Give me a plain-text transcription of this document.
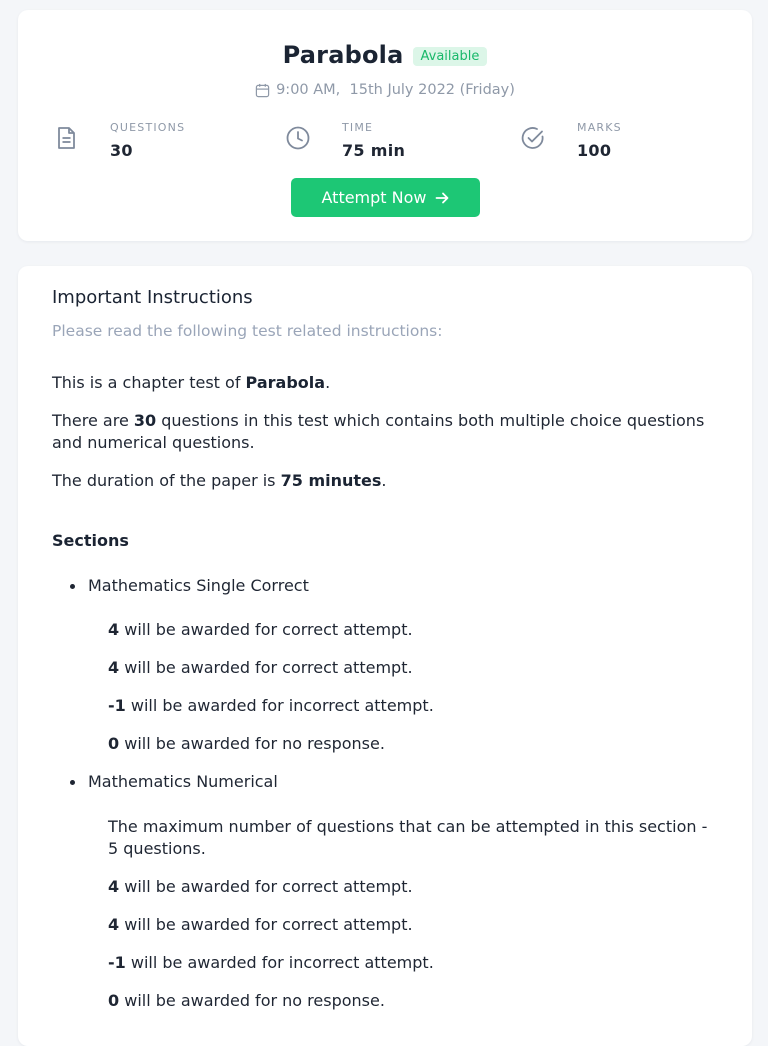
Parabola	Available
9:00 AM,  15th July 2022 (Friday)
QUESTIONS
30
TIME
75 min
MARKS
100
Attempt Now
Important Instructions
Please read the following test related instructions:
This is a chapter test of Parabola.
There are 30 questions in this test which contains both multiple choice questions and numerical questions.
The duration of the paper is 75 minutes.
Sections
Mathematics Single Correct
4 will be awarded for correct attempt.
4 will be awarded for correct attempt.
-1 will be awarded for incorrect attempt.
0 will be awarded for no response.
Mathematics Numerical
The maximum number of questions that can be attempted in this section - 5 questions.
4 will be awarded for correct attempt.
4 will be awarded for correct attempt.
-1 will be awarded for incorrect attempt.
0 will be awarded for no response.
